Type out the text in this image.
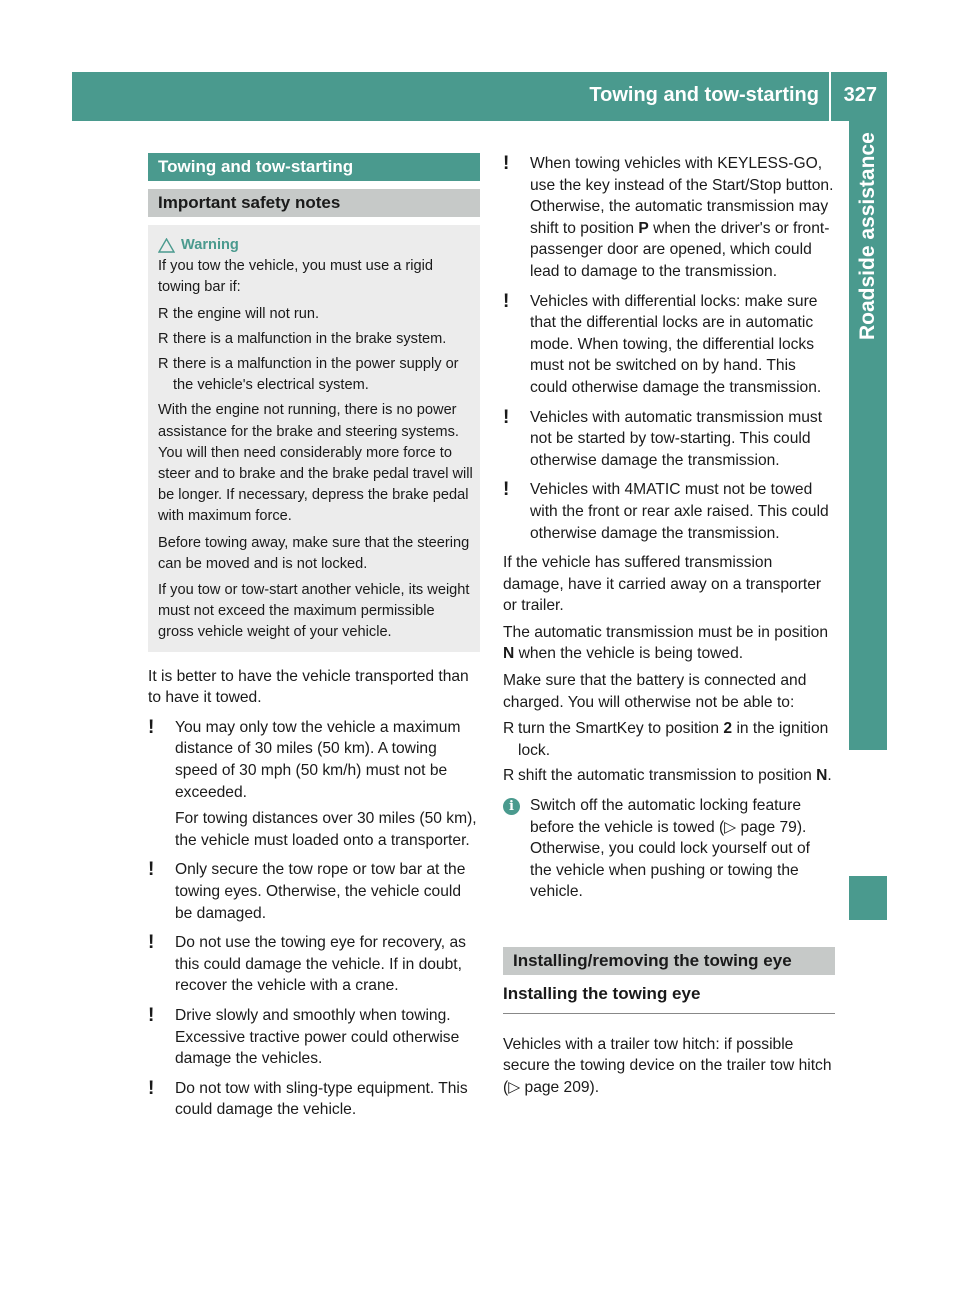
Towing and tow-starting 327
Roadside assistance
Towing and tow-starting
Important safety notes
Warning

If you tow the vehicle, you must use a rigid towing bar if:

R the engine will not run.
R there is a malfunction in the brake system.
R there is a malfunction in the power supply or the vehicle's electrical system.

With the engine not running, there is no power assistance for the brake and steering systems. You will then need considerably more force to steer and to brake and the brake pedal travel will be longer. If necessary, depress the brake pedal with maximum force.

Before towing away, make sure that the steering can be moved and is not locked.

If you tow or tow-start another vehicle, its weight must not exceed the maximum permissible gross vehicle weight of your vehicle.

It is better to have the vehicle transported than to have it towed.

!	You may only tow the vehicle a maximum distance of 30 miles (50 km). A towing speed of 30 mph (50 km/h) must not be exceeded.

For towing distances over 30 miles (50 km), the vehicle must loaded onto a transporter.

!	Only secure the tow rope or tow bar at the towing eyes. Otherwise, the vehicle could be damaged.
!	Do not use the towing eye for recovery, as this could damage the vehicle. If in doubt, recover the vehicle with a crane.
!	Drive slowly and smoothly when towing. Excessive tractive power could otherwise damage the vehicles.
!	Do not tow with sling-type equipment. This could damage the vehicle.
!	When towing vehicles with KEYLESS-GO, use the key instead of the Start/Stop button. Otherwise, the automatic transmission may shift to position P when the driver's or front-passenger door are opened, which could lead to damage to the transmission.
!	Vehicles with differential locks: make sure that the differential locks are in automatic mode. When towing, the differential locks must not be switched on by hand. This could otherwise damage the transmission.
!	Vehicles with automatic transmission must not be started by tow-starting. This could otherwise damage the transmission.
!	Vehicles with 4MATIC must not be towed with the front or rear axle raised. This could otherwise damage the transmission.

If the vehicle has suffered transmission damage, have it carried away on a transporter or trailer.

The automatic transmission must be in position N when the vehicle is being towed.

Make sure that the battery is connected and charged. You will otherwise not be able to:

R turn the SmartKey to position 2 in the ignition lock.
R shift the automatic transmission to position N.
i	Switch off the automatic locking feature before the vehicle is towed (▷ page 79). Otherwise, you could lock yourself out of the vehicle when pushing or towing the vehicle.
Installing/removing the towing eye
Installing the towing eye

Vehicles with a trailer tow hitch: if possible secure the towing device on the trailer tow hitch (▷ page 209).
